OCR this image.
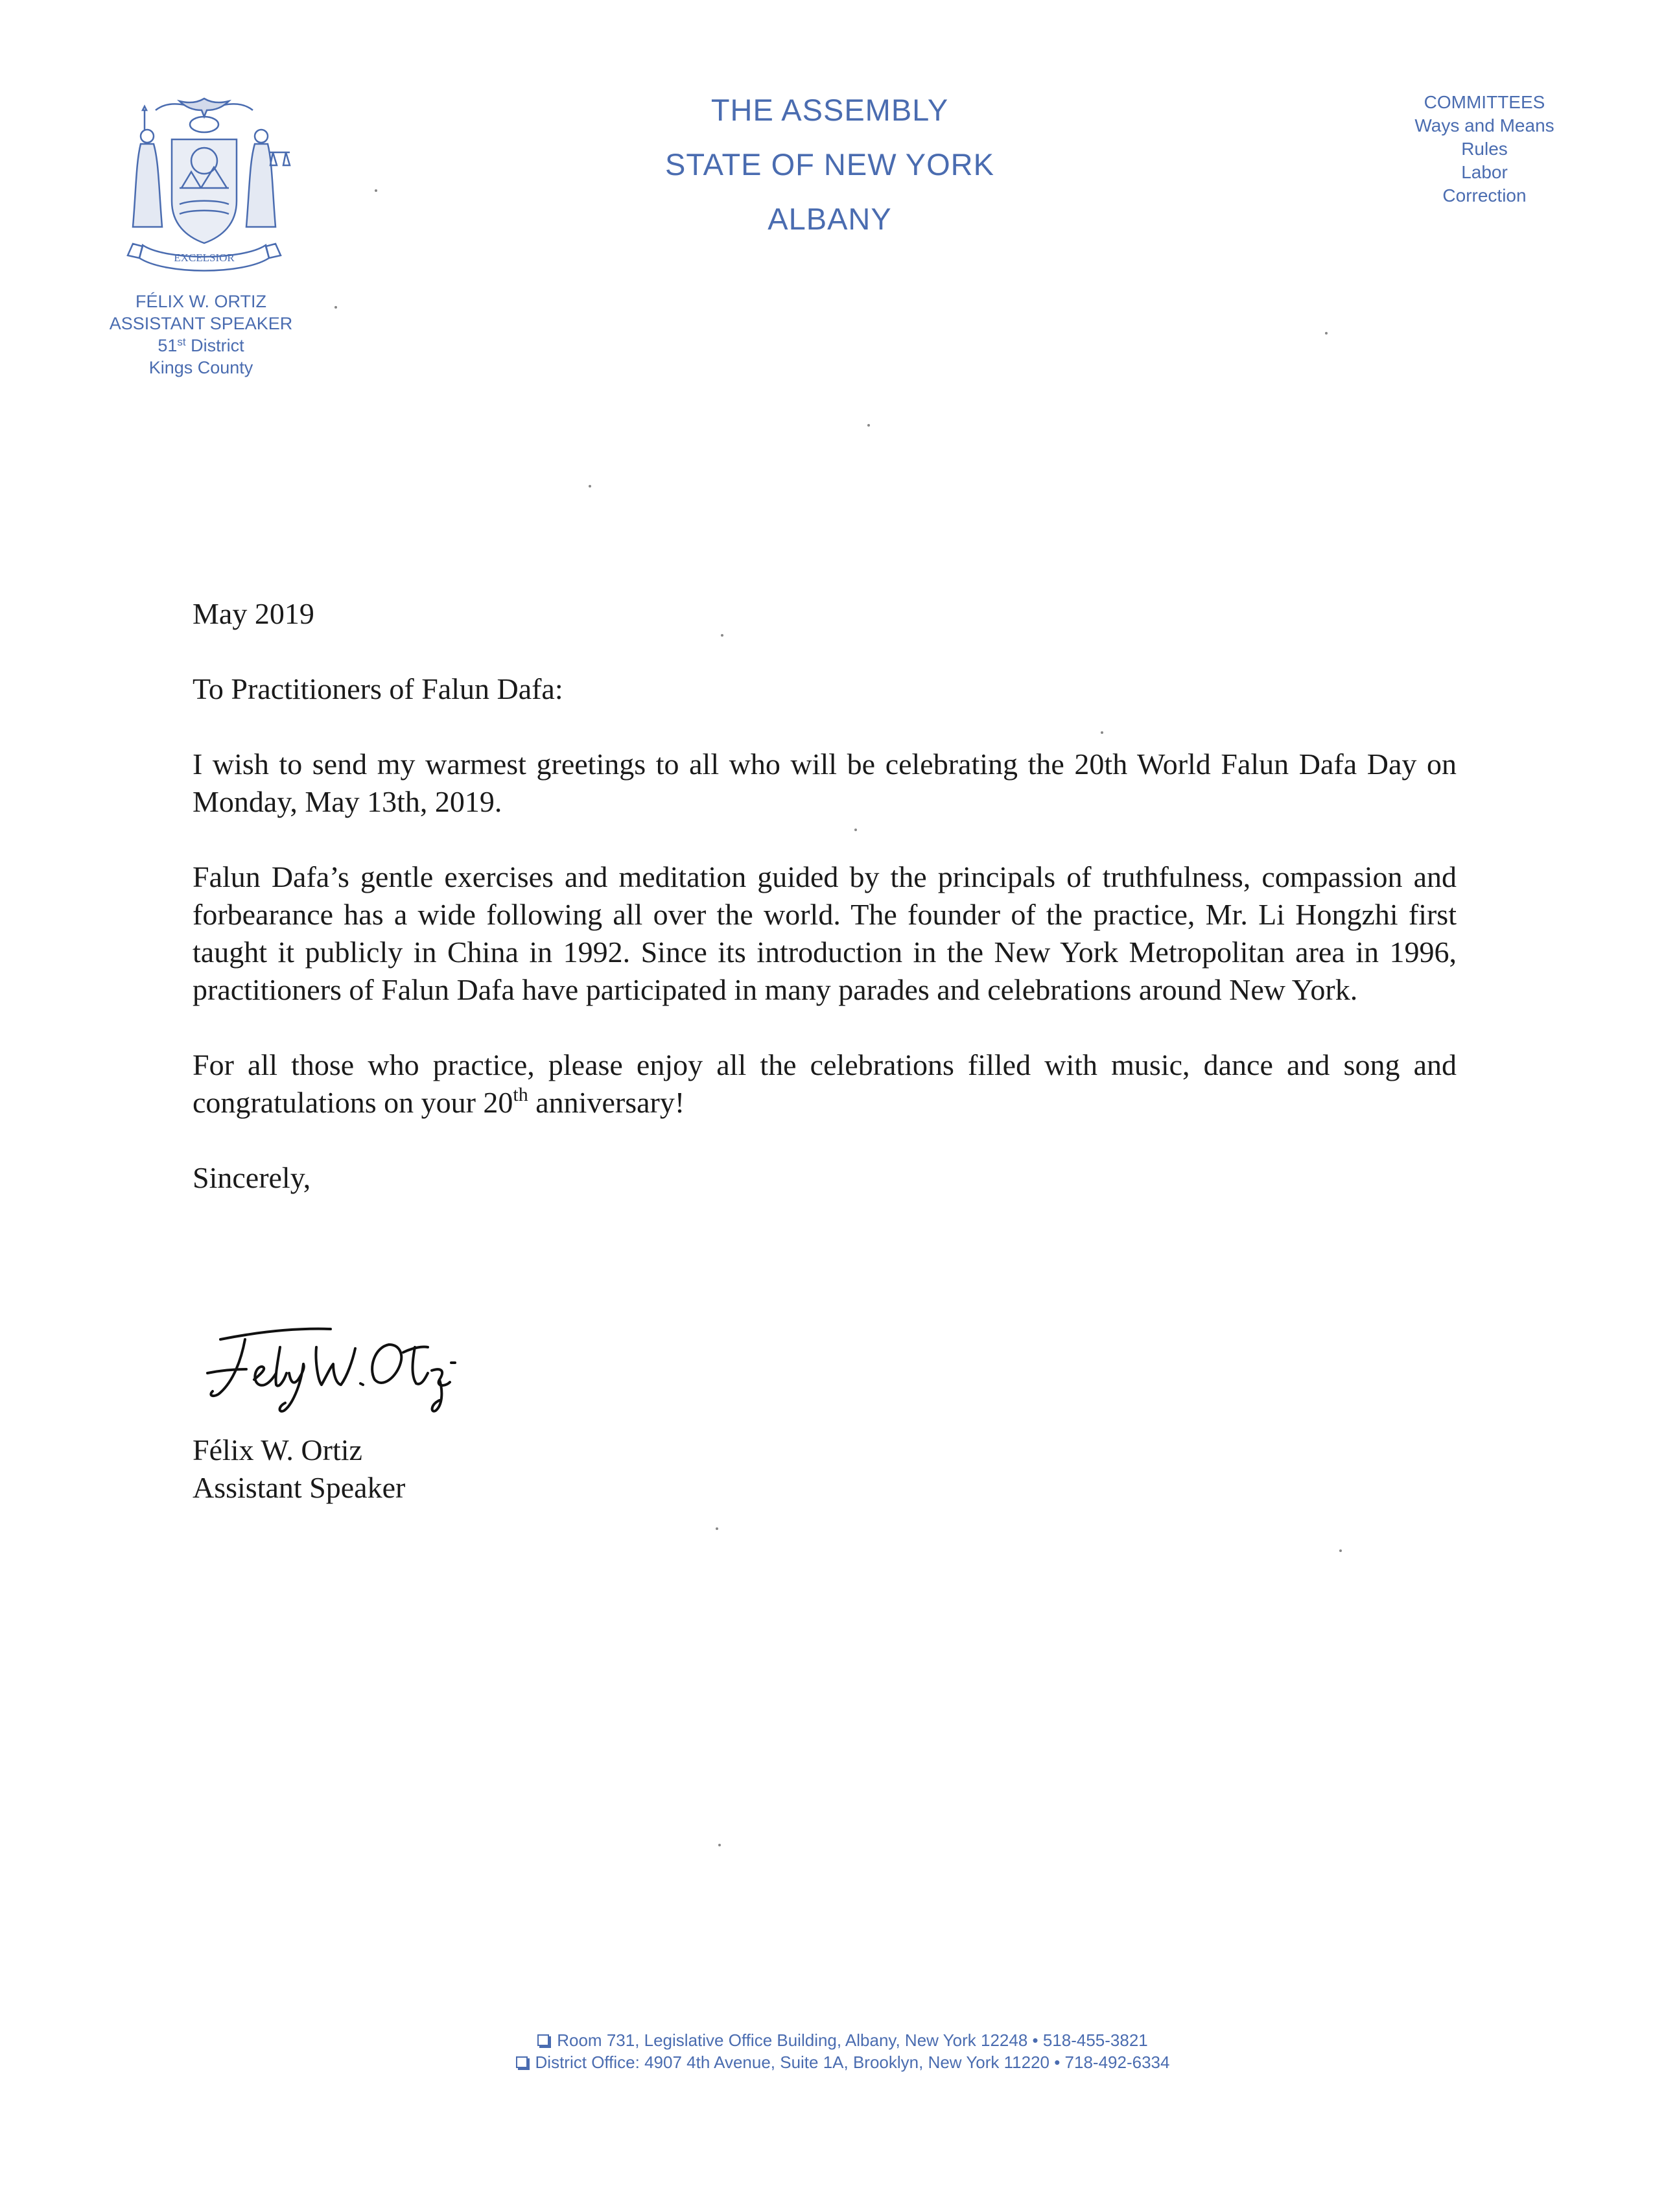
EXCELSIOR
FÉLIX W. ORTIZ
ASSISTANT SPEAKER
51st District
Kings County
THE ASSEMBLY
STATE OF NEW YORK
ALBANY
COMMITTEES
Ways and Means
Rules
Labor
Correction

May 2019

To Practitioners of Falun Dafa:

I wish to send my warmest greetings to all who will be celebrating the 20th World Falun Dafa Day on Monday, May 13th, 2019.

Falun Dafa’s gentle exercises and meditation guided by the principals of truthfulness, compassion and forbearance has a wide following all over the world. The founder of the practice, Mr. Li Hongzhi first taught it publicly in China in 1992. Since its introduction in the New York Metropolitan area in 1996, practitioners of Falun Dafa have participated in many parades and celebrations around New York.

For all those who practice, please enjoy all the celebrations filled with music, dance and song and congratulations on your 20th anniversary!

Sincerely,

Felix W. Ortiz
Félix W. Ortiz
Assistant Speaker
Room 731, Legislative Office Building, Albany, New York 12248 • 518-455-3821
District Office: 4907 4th Avenue, Suite 1A, Brooklyn, New York 11220 • 718-492-6334
